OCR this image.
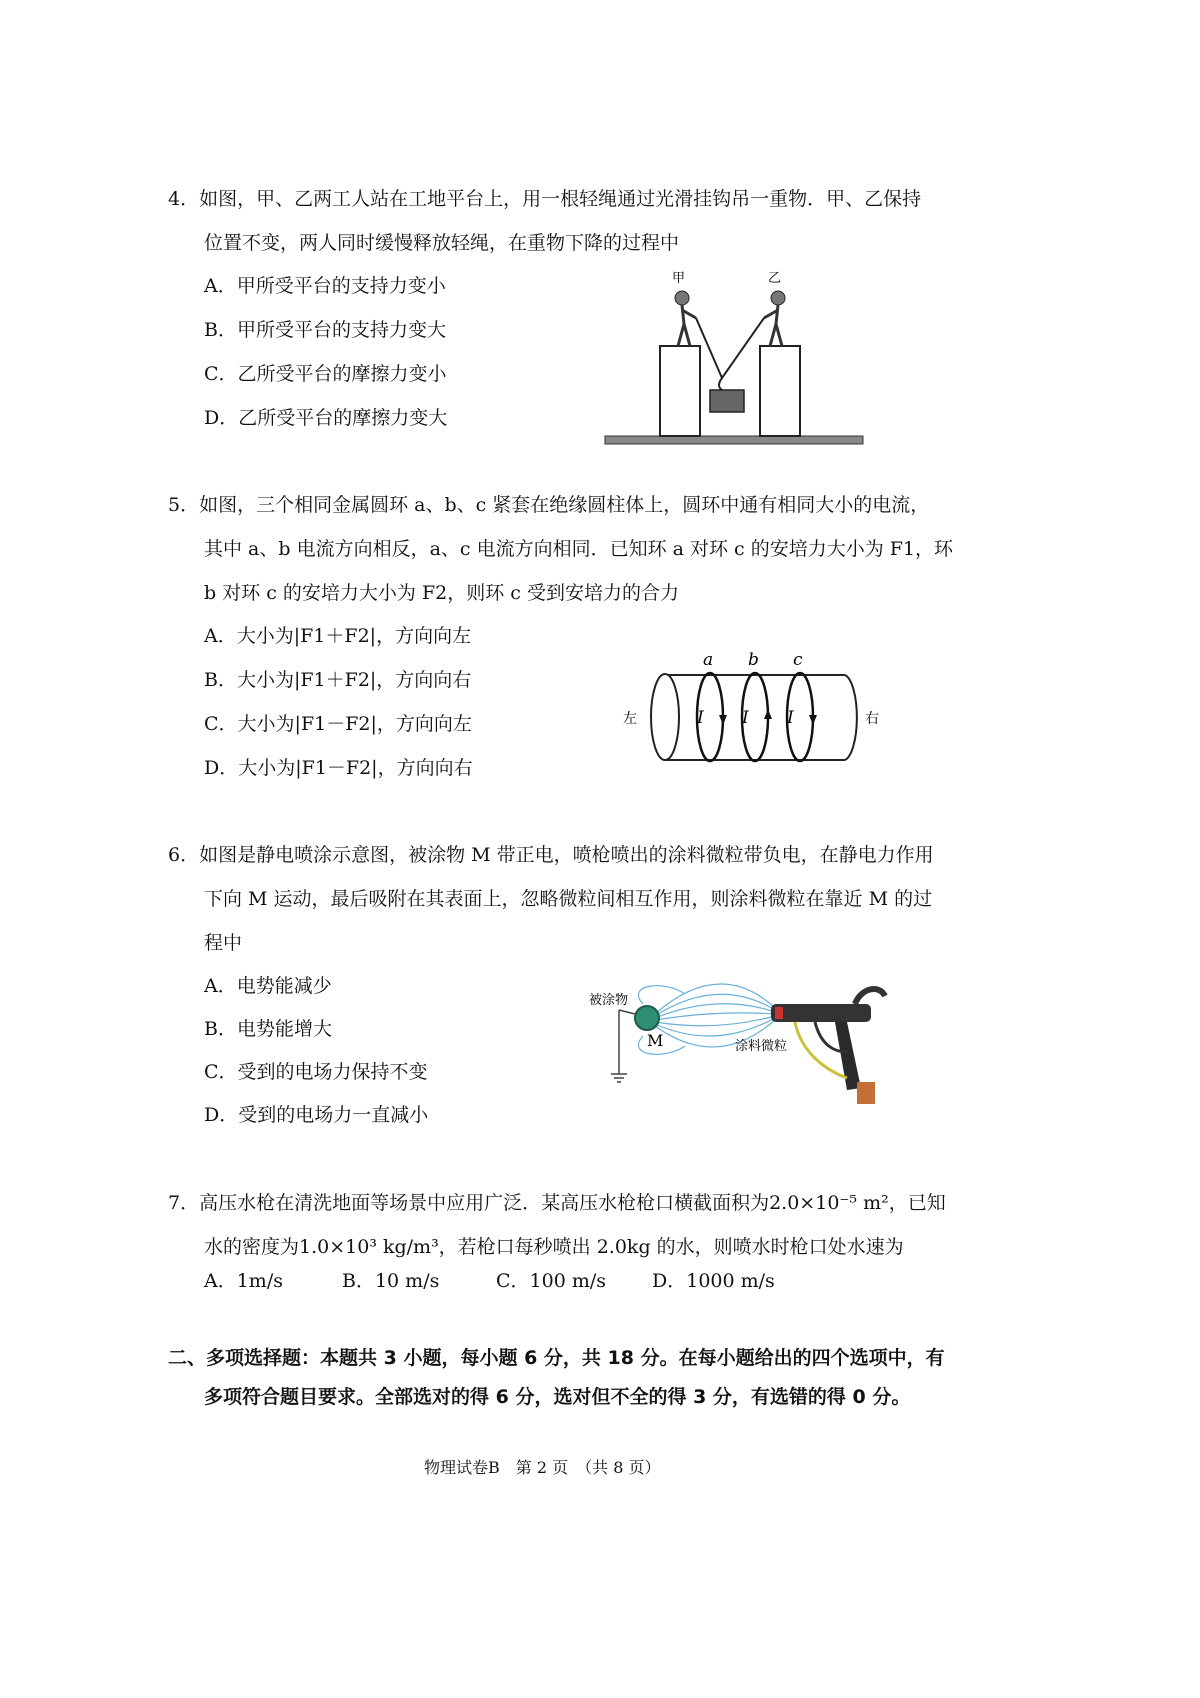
4．如图，甲、乙两工人站在工地平台上，用一根轻绳通过光滑挂钩吊一重物．甲、乙保持
位置不变，两人同时缓慢释放轻绳，在重物下降的过程中
A．甲所受平台的支持力变小
B．甲所受平台的支持力变大
C．乙所受平台的摩擦力变小
D．乙所受平台的摩擦力变大
甲	乙
5．如图，三个相同金属圆环 a、b、c 紧套在绝缘圆柱体上，圆环中通有相同大小的电流，
其中 a、b 电流方向相反，a、c 电流方向相同．已知环 a 对环 c 的安培力大小为 F1，环
b 对环 c 的安培力大小为 F2，则环 c 受到安培力的合力
A．大小为|F1＋F2|，方向向左
B．大小为|F1＋F2|，方向向右
C．大小为|F1－F2|，方向向左
D．大小为|F1－F2|，方向向右
a b c
I I I
左	右
6．如图是静电喷涂示意图，被涂物 M 带正电，喷枪喷出的涂料微粒带负电，在静电力作用
下向 M 运动，最后吸附在其表面上，忽略微粒间相互作用，则涂料微粒在靠近 M 的过
程中
A．电势能减少
B．电势能增大
C．受到的电场力保持不变
D．受到的电场力一直减小
被涂物
M	涂料微粒
7．高压水枪在清洗地面等场景中应用广泛．某高压水枪枪口横截面积为2.0×10⁻⁵ m²，已知
水的密度为1.0×10³ kg/m³，若枪口每秒喷出 2.0kg 的水，则喷水时枪口处水速为
A．1m/s	B．10 m/s	C．100 m/s D．1000 m/s
二、多项选择题：本题共 3 小题，每小题 6 分，共 18 分。在每小题给出的四个选项中，有
多项符合题目要求。全部选对的得 6 分，选对但不全的得 3 分，有选错的得 0 分。
物理试卷B　第 2 页　（共 8 页）
